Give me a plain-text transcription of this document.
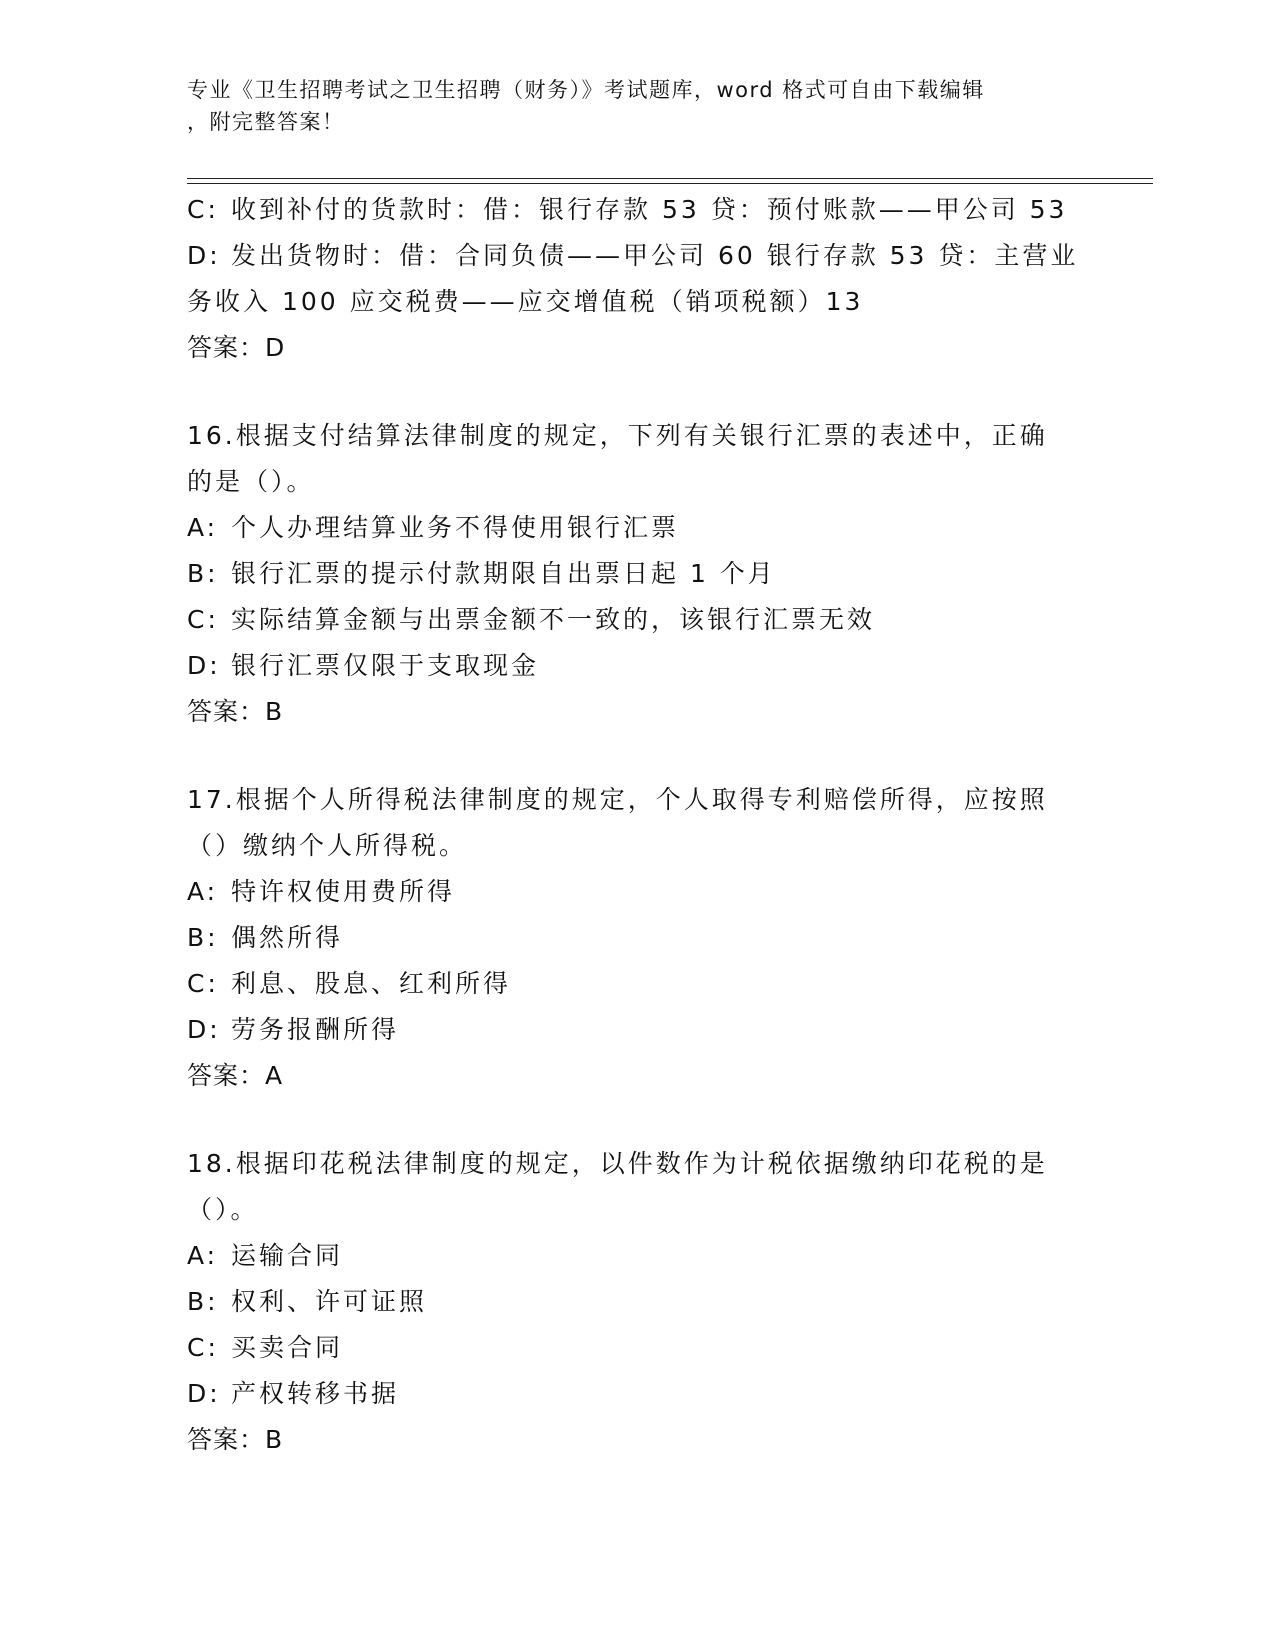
专业《卫生招聘考试之卫生招聘（财务）》考试题库，word 格式可自由下载编辑
，附完整答案！
C: 收到补付的货款时：借：银行存款 53 贷：预付账款——甲公司 53
D: 发出货物时：借：合同负债——甲公司 60 银行存款 53 贷：主营业
务收入 100 应交税费——应交增值税（销项税额）13
答案：D
16.根据支付结算法律制度的规定，下列有关银行汇票的表述中，正确
的是（）。
A: 个人办理结算业务不得使用银行汇票
B: 银行汇票的提示付款期限自出票日起 1 个月
C: 实际结算金额与出票金额不一致的，该银行汇票无效
D: 银行汇票仅限于支取现金
答案：B
17.根据个人所得税法律制度的规定，个人取得专利赔偿所得，应按照
（）缴纳个人所得税。
A: 特许权使用费所得
B: 偶然所得
C: 利息、股息、红利所得
D: 劳务报酬所得
答案：A
18.根据印花税法律制度的规定，以件数作为计税依据缴纳印花税的是
（）。
A: 运输合同
B: 权利、许可证照
C: 买卖合同
D: 产权转移书据
答案：B
